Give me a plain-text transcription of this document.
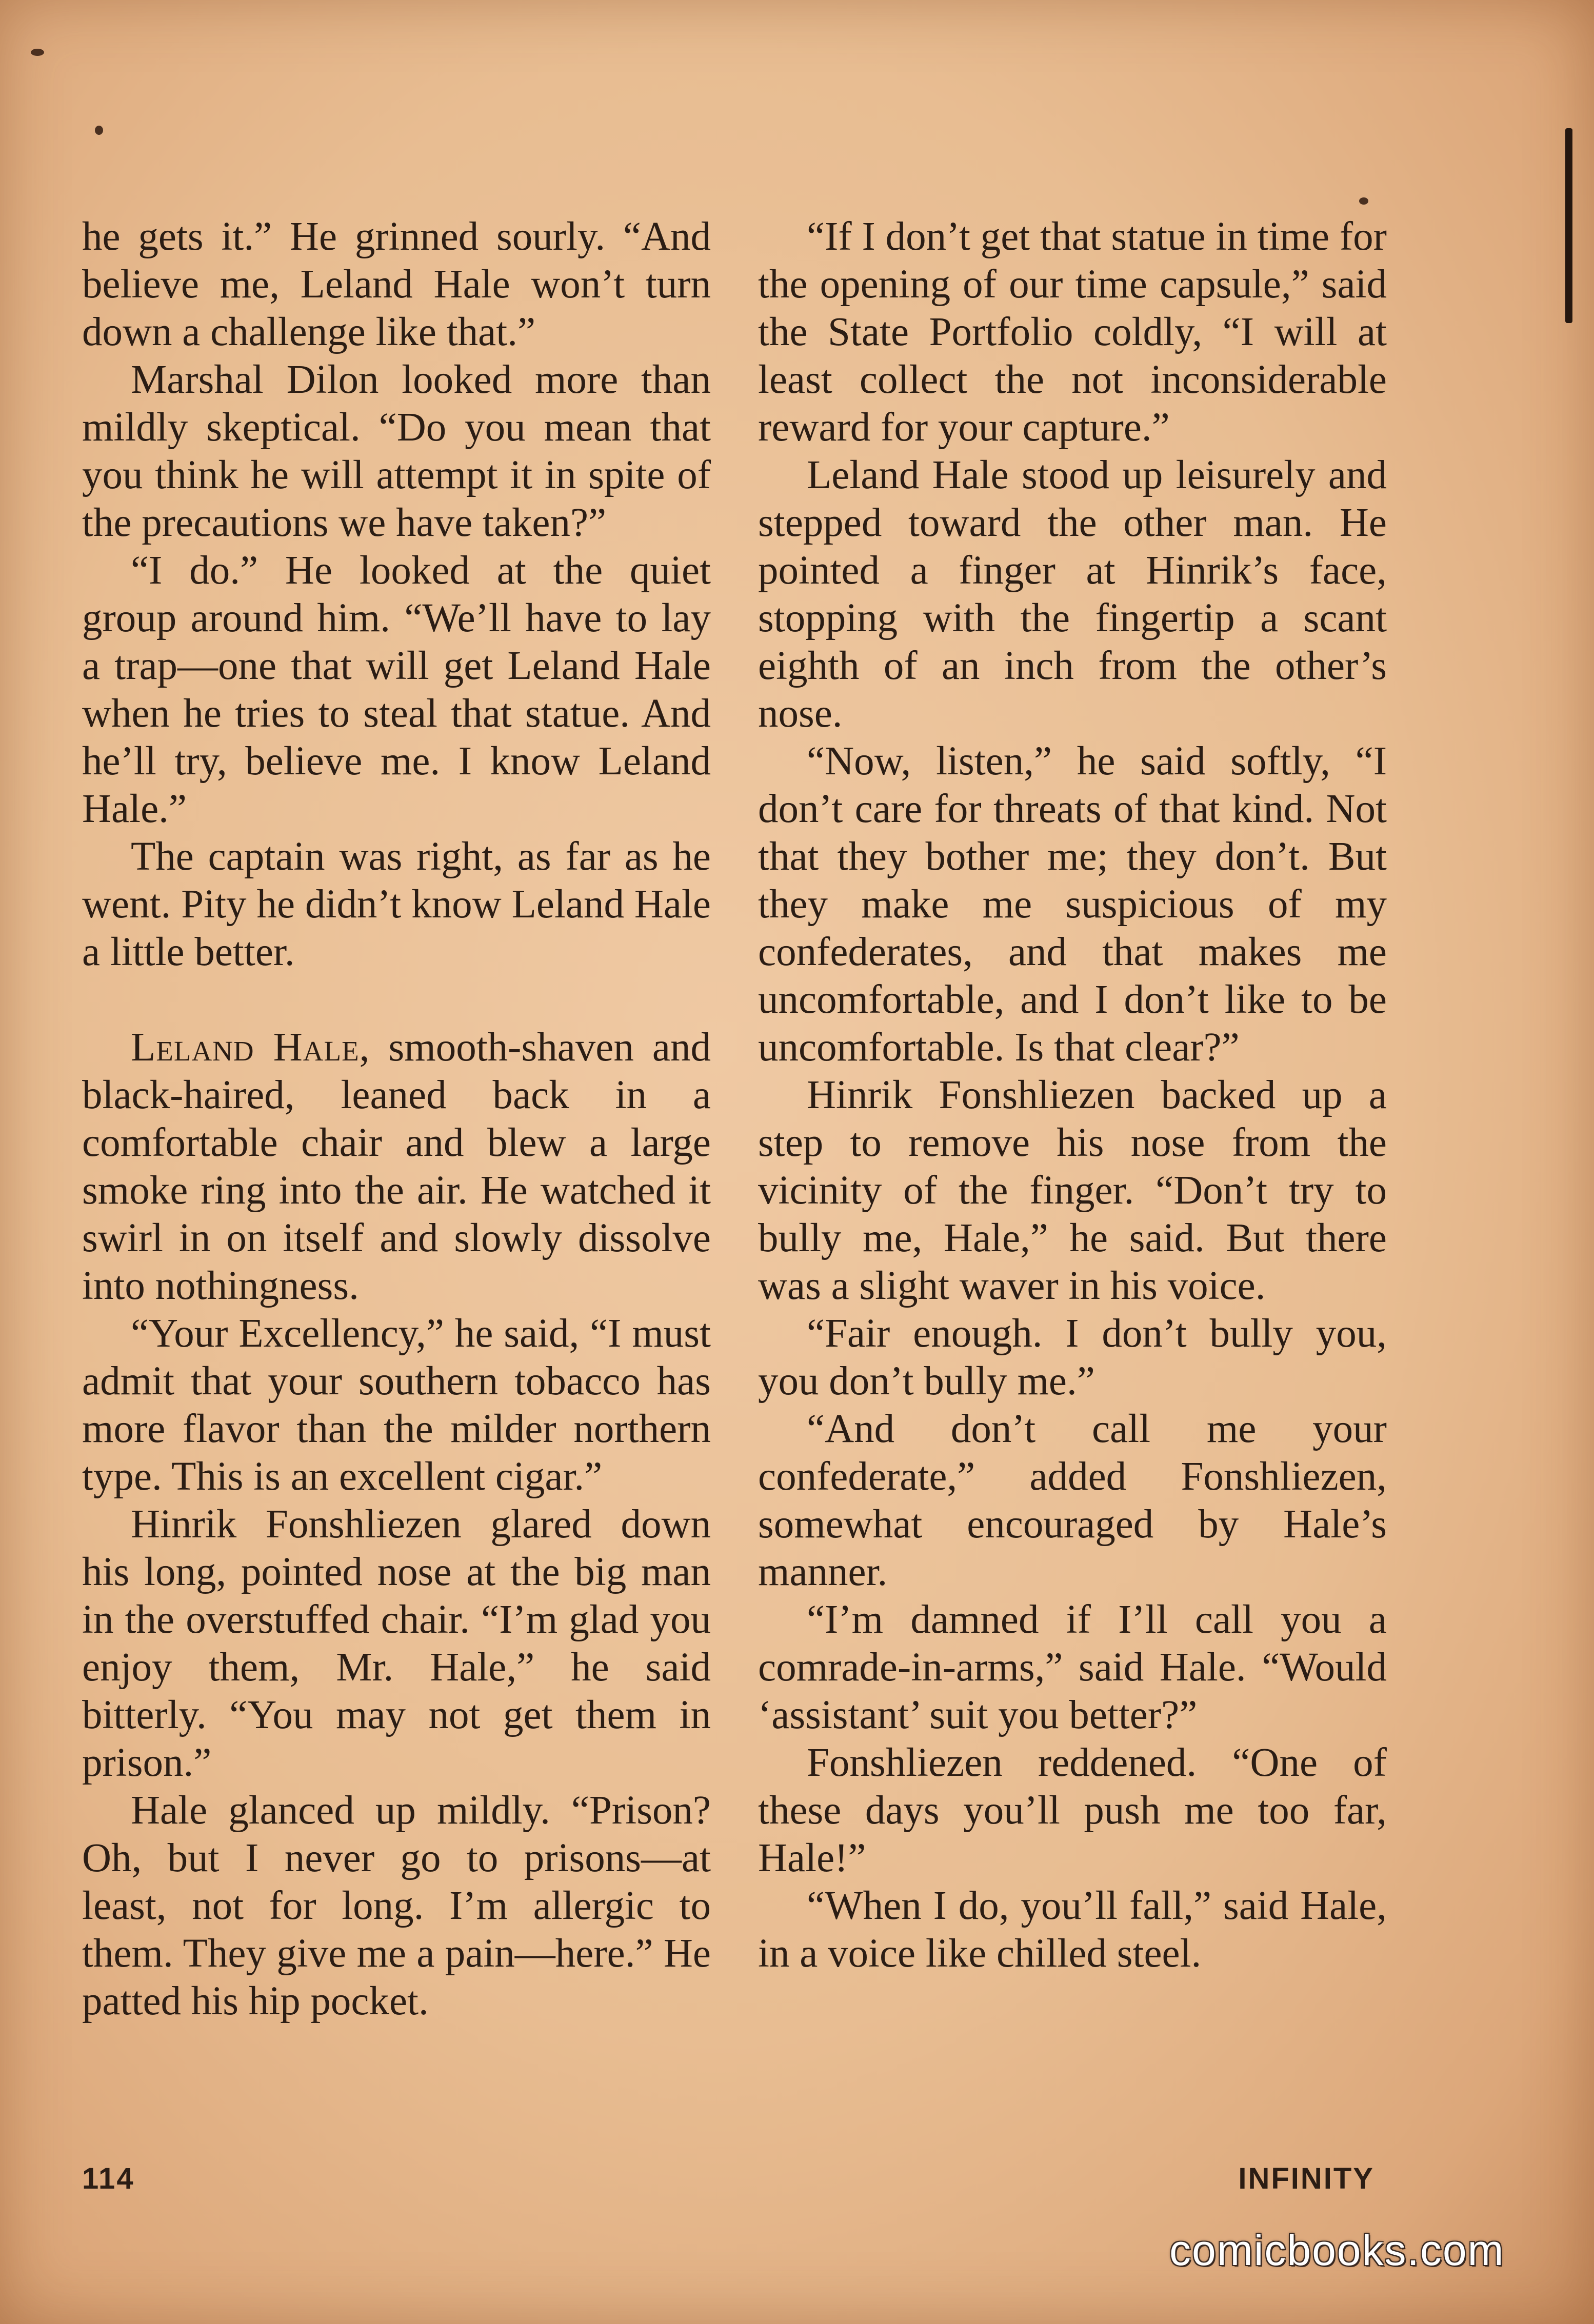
he gets it.” He grinned sourly. “And believe me, Leland Hale won’t turn down a challenge like that.”

Marshal Dilon looked more than mildly skeptical. “Do you mean that you think he will attempt it in spite of the precautions we have taken?”

“I do.” He looked at the quiet group around him. “We’ll have to lay a trap—one that will get Leland Hale when he tries to steal that statue. And he’ll try, believe me. I know Leland Hale.”

The captain was right, as far as he went. Pity he didn’t know Leland Hale a little better.

Leland Hale, smooth-shaven and black-haired, leaned back in a comfortable chair and blew a large smoke ring into the air. He watched it swirl in on itself and slowly dissolve into nothingness.

“Your Excellency,” he said, “I must admit that your southern tobacco has more flavor than the milder northern type. This is an excellent cigar.”

Hinrik Fonshliezen glared down his long, pointed nose at the big man in the overstuffed chair. “I’m glad you enjoy them, Mr. Hale,” he said bitterly. “You may not get them in prison.”

Hale glanced up mildly. “Prison? Oh, but I never go to prisons—at least, not for long. I’m allergic to them. They give me a pain—here.” He patted his hip pocket.

“If I don’t get that statue in time for the opening of our time capsule,” said the State Portfolio coldly, “I will at least collect the not inconsiderable reward for your capture.”

Leland Hale stood up leisurely and stepped toward the other man. He pointed a finger at Hinrik’s face, stopping with the fingertip a scant eighth of an inch from the other’s nose.

“Now, listen,” he said softly, “I don’t care for threats of that kind. Not that they bother me; they don’t. But they make me suspicious of my confederates, and that makes me uncomfortable, and I don’t like to be uncomfortable. Is that clear?”

Hinrik Fonshliezen backed up a step to remove his nose from the vicinity of the finger. “Don’t try to bully me, Hale,” he said. But there was a slight waver in his voice.

“Fair enough. I don’t bully you, you don’t bully me.”

“And don’t call me your confederate,” added Fonshliezen, somewhat encouraged by Hale’s manner.

“I’m damned if I’ll call you a comrade-in-arms,” said Hale. “Would ‘assistant’ suit you better?”

Fonshliezen reddened. “One of these days you’ll push me too far, Hale!”

“When I do, you’ll fall,” said Hale, in a voice like chilled steel.

114	INFINITY
comicbooks.com
